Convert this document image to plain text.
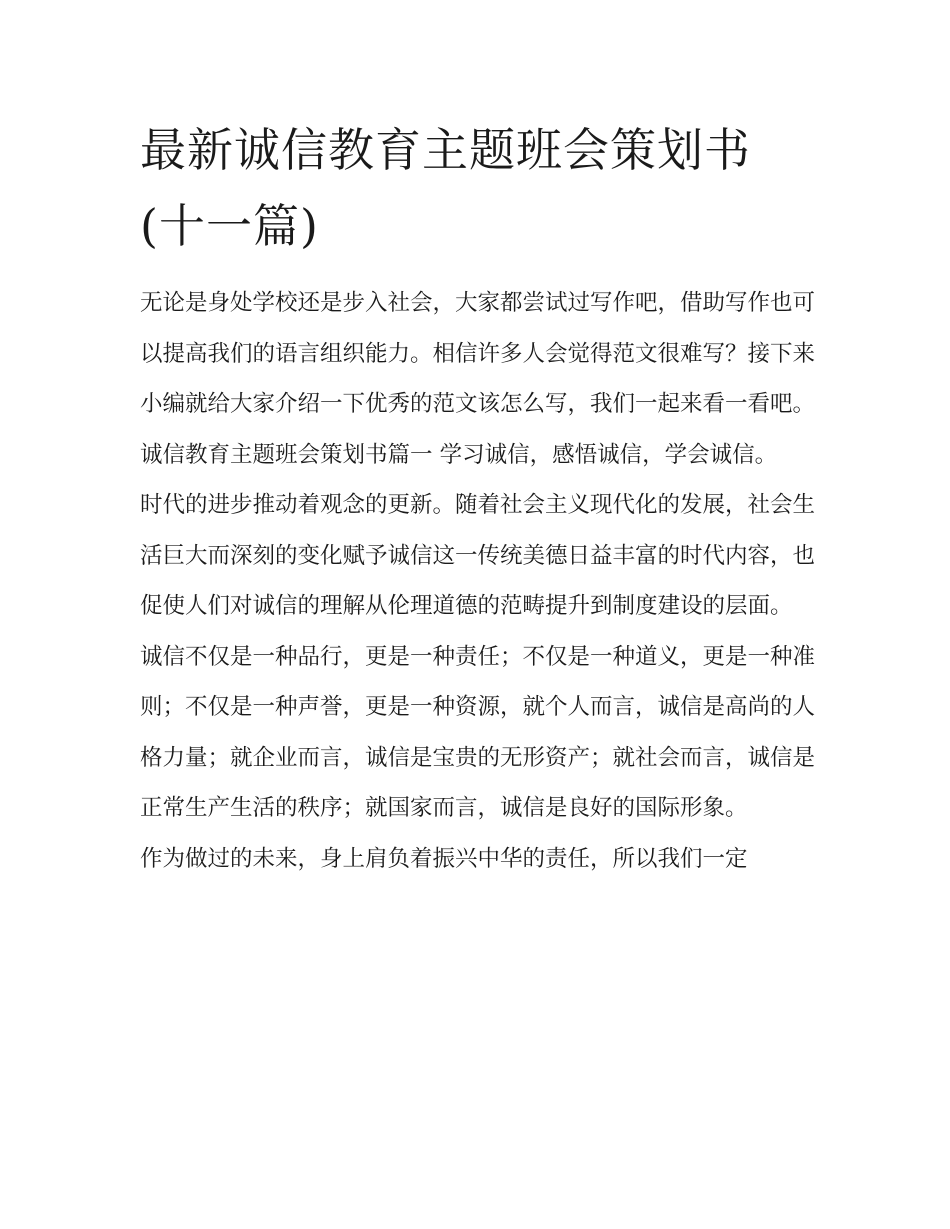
最新诚信教育主题班会策划书
(十一篇)

无论是身处学校还是步入社会，大家都尝试过写作吧，借助写作也可以提高我们的语言组织能力。相信许多人会觉得范文很难写？接下来小编就给大家介绍一下优秀的范文该怎么写，我们一起来看一看吧。

诚信教育主题班会策划书篇一 学习诚信，感悟诚信，学会诚信。

时代的进步推动着观念的更新。随着社会主义现代化的发展，社会生活巨大而深刻的变化赋予诚信这一传统美德日益丰富的时代内容，也促使人们对诚信的理解从伦理道德的范畴提升到制度建设的层面。

诚信不仅是一种品行，更是一种责任；不仅是一种道义，更是一种准则；不仅是一种声誉，更是一种资源，就个人而言，诚信是高尚的人格力量；就企业而言，诚信是宝贵的无形资产；就社会而言，诚信是正常生产生活的秩序；就国家而言，诚信是良好的国际形象。

作为做过的未来，身上肩负着振兴中华的责任，所以我们一定
